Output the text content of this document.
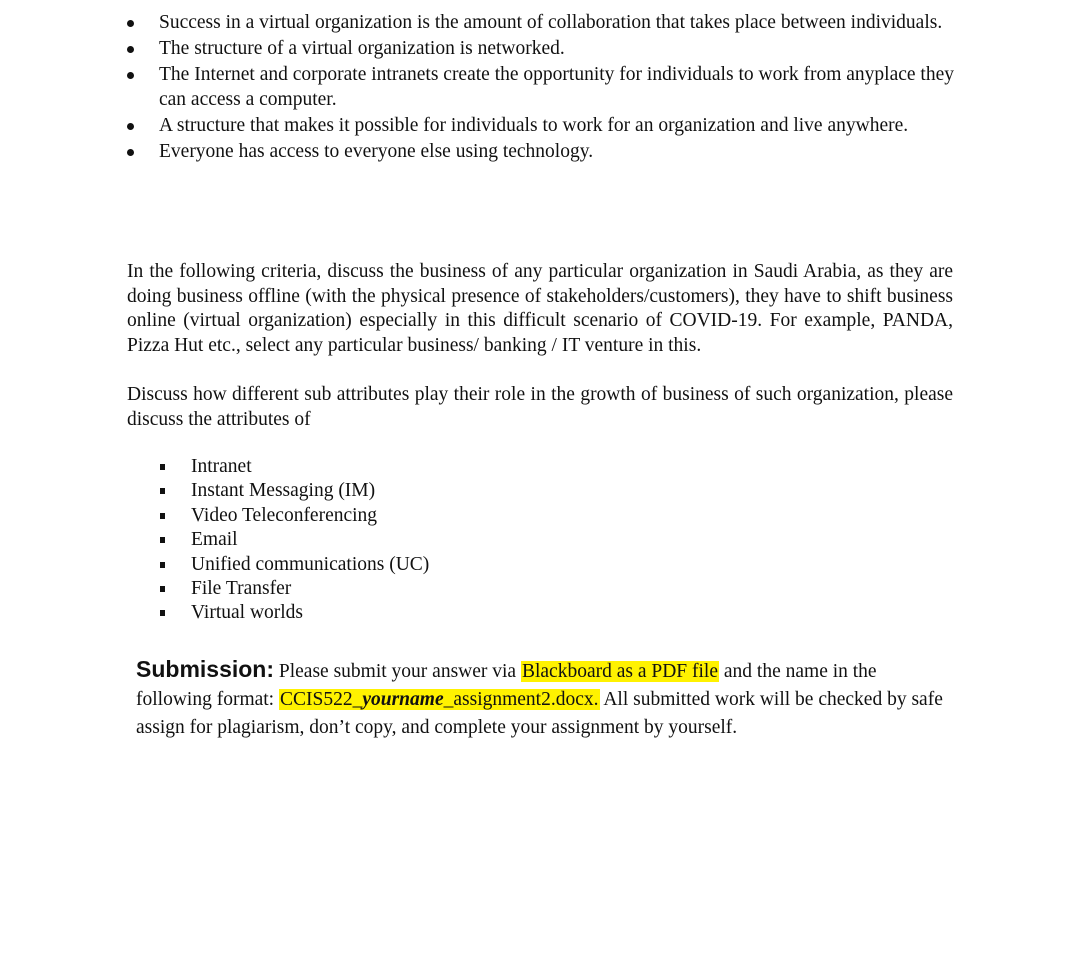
Success in a virtual organization is the amount of collaboration that takes place between individuals.
The structure of a virtual organization is networked.
The Internet and corporate intranets create the opportunity for individuals to work from anyplace they can access a computer.
A structure that makes it possible for individuals to work for an organization and live anywhere.
Everyone has access to everyone else using technology.

In the following criteria, discuss the business of any particular organization in Saudi Arabia, as they are doing business offline (with the physical presence of stakeholders/customers), they have to shift business online (virtual organization) especially in this difficult scenario of COVID-19. For example, PANDA, Pizza Hut etc., select any particular business/ banking / IT venture in this.

Discuss how different sub attributes play their role in the growth of business of such organization, please discuss the attributes of

Intranet
Instant Messaging (IM)
Video Teleconferencing
Email
Unified communications (UC)
File Transfer
Virtual worlds

Submission: Please submit your answer via Blackboard as a PDF file and the name in the following format: CCIS522_yourname_assignment2.docx. All submitted work will be checked by safe assign for plagiarism, don’t copy, and complete your assignment by yourself.
